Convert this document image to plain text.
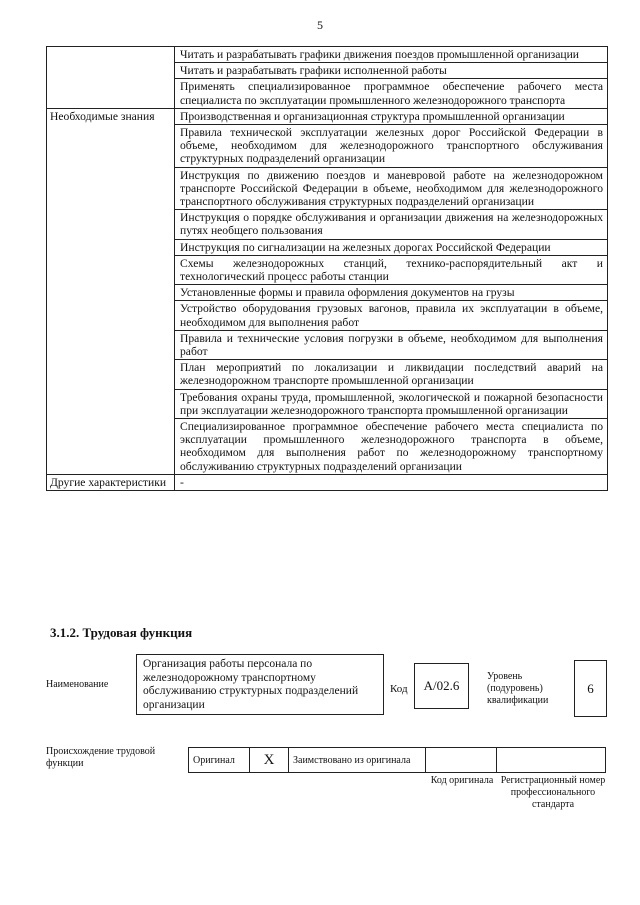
5
	Читать и разрабатывать графики движения поездов промышленной организации
	Читать и разрабатывать графики исполненной работы
	Применять специализированное программное обеспечение рабочего места специалиста по эксплуатации промышленного железнодорожного транспорта
Необходимые знания	Производственная и организационная структура промышленной организации
	Правила технической эксплуатации железных дорог Российской Федерации в объеме, необходимом для железнодорожного транспортного обслуживания структурных подразделений организации
	Инструкция по движению поездов и маневровой работе на железнодорожном транспорте Российской Федерации в объеме, необходимом для железнодорожного транспортного обслуживания структурных подразделений организации
	Инструкция о порядке обслуживания и организации движения на железнодорожных путях необщего пользования
	Инструкция по сигнализации на железных дорогах Российской Федерации
	Схемы железнодорожных станций, технико-распорядительный акт и технологический процесс работы станции
	Установленные формы и правила оформления документов на грузы
	Устройство оборудования грузовых вагонов, правила их эксплуатации в объеме, необходимом для выполнения работ
	Правила и технические условия погрузки в объеме, необходимом для выполнения работ
	План мероприятий по локализации и ликвидации последствий аварий на железнодорожном транспорте промышленной организации
	Требования охраны труда, промышленной, экологической и пожарной безопасности при эксплуатации железнодорожного транспорта промышленной организации
	Специализированное программное обеспечение рабочего места специалиста по эксплуатации промышленного железнодорожного транспорта в объеме, необходимом для выполнения работ по железнодорожному транспортному обслуживанию структурных подразделений организации
Другие характеристики	-
3.1.2. Трудовая функция
Наименование
Организация работы персонала по железнодорожному транспортному обслуживанию структурных подразделений организации
Код	А/02.6
Уровень (подуровень) квалификации
6
Происхождение трудовой функции	Оригинал	X	Заимствовано из оригинала		
Код оригинала Регистрационный номер профессионального стандарта
